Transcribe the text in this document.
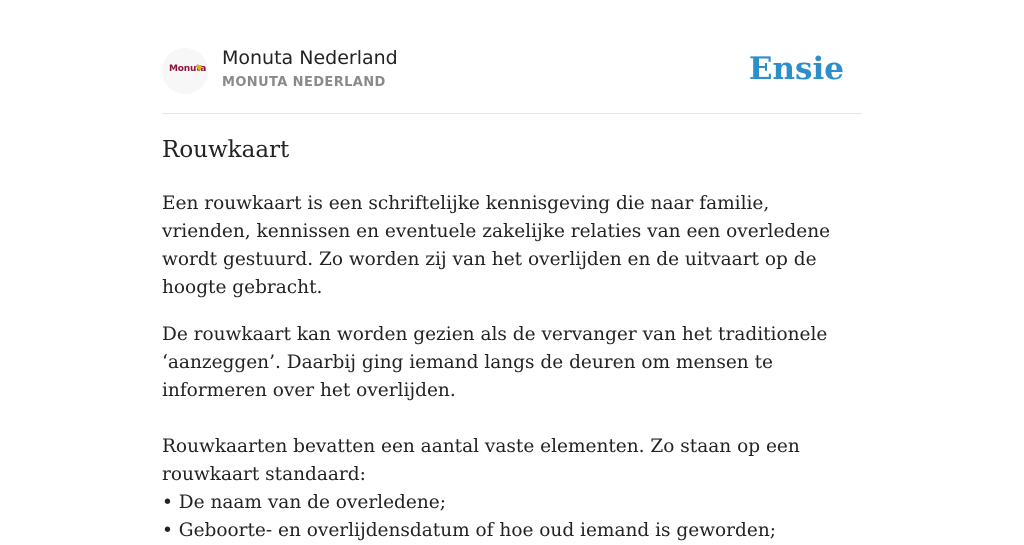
Monuta Monuta Nederland
MONUTA NEDERLAND	Ensie
Rouwkaart

Een rouwkaart is een schriftelijke kennisgeving die naar familie, vrienden, kennissen en eventuele zakelijke relaties van een overledene wordt gestuurd. Zo worden zij van het overlijden en de uitvaart op de hoogte gebracht.

De rouwkaart kan worden gezien als de vervanger van het traditionele ‘aanzeggen’. Daarbij ging iemand langs de deuren om mensen te informeren over het overlijden.

Rouwkaarten bevatten een aantal vaste elementen. Zo staan op een rouwkaart standaard:

• De naam van de overledene;

• Geboorte- en overlijdensdatum of hoe oud iemand is geworden;
